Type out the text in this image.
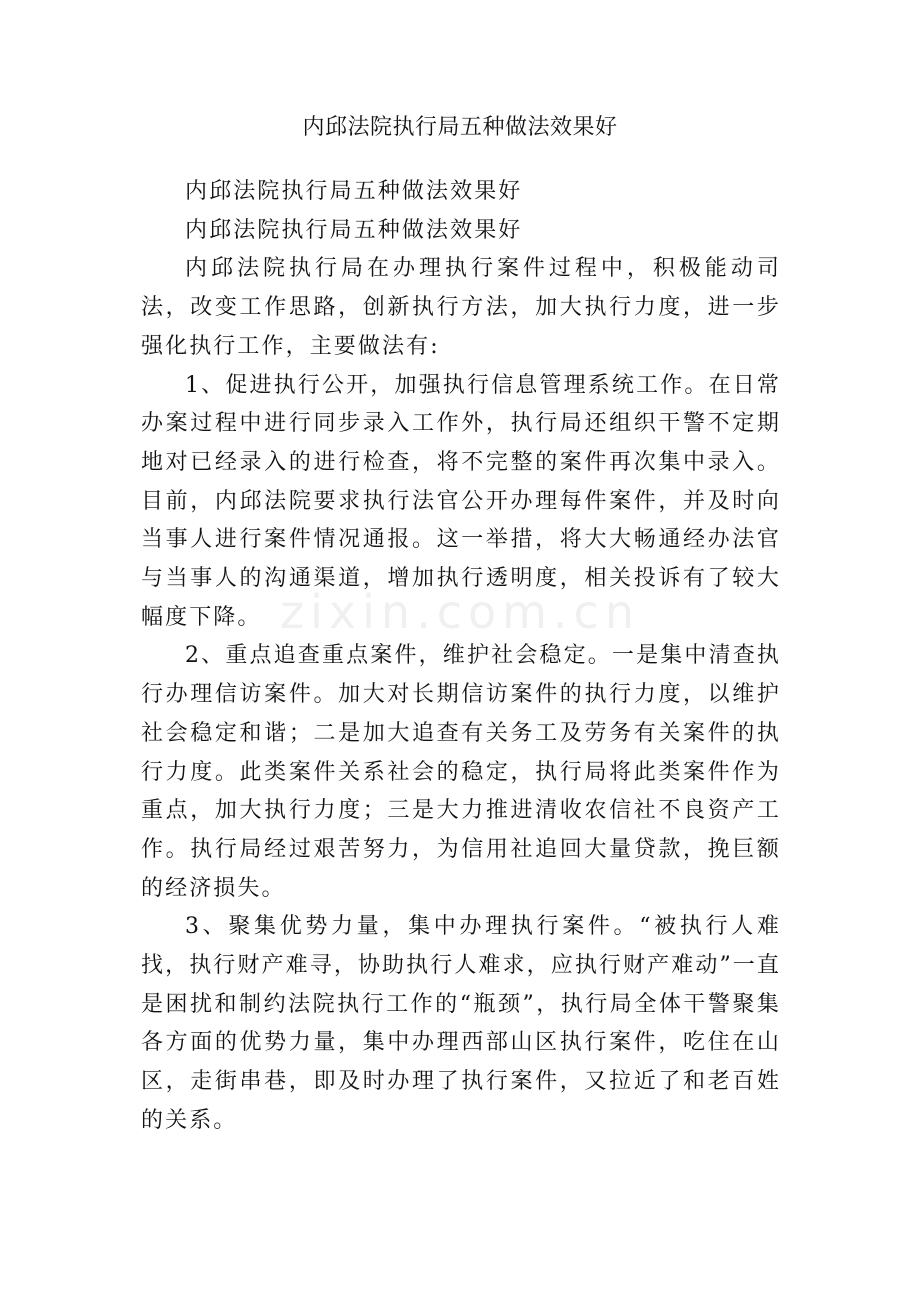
内邱法院执行局五种做法效果好

内邱法院执行局五种做法效果好

内邱法院执行局五种做法效果好

内邱法院执行局在办理执行案件过程中，积极能动司法，改变工作思路，创新执行方法，加大执行力度，进一步强化执行工作，主要做法有:

1、促进执行公开，加强执行信息管理系统工作。在日常办案过程中进行同步录入工作外，执行局还组织干警不定期地对已经录入的进行检查，将不完整的案件再次集中录入。目前，内邱法院要求执行法官公开办理每件案件，并及时向当事人进行案件情况通报。这一举措，将大大畅通经办法官与当事人的沟通渠道，增加执行透明度，相关投诉有了较大幅度下降。

2、重点追查重点案件，维护社会稳定。一是集中清查执行办理信访案件。加大对长期信访案件的执行力度，以维护社会稳定和谐；二是加大追查有关务工及劳务有关案件的执行力度。此类案件关系社会的稳定，执行局将此类案件作为重点，加大执行力度；三是大力推进清收农信社不良资产工作。执行局经过艰苦努力，为信用社追回大量贷款，挽巨额的经济损失。

3、聚集优势力量，集中办理执行案件。“被执行人难找，执行财产难寻，协助执行人难求，应执行财产难动”一直是困扰和制约法院执行工作的“瓶颈”，执行局全体干警聚集各方面的优势力量，集中办理西部山区执行案件，吃住在山区，走街串巷，即及时办理了执行案件，又拉近了和老百姓的关系。

zixin.com.cn
